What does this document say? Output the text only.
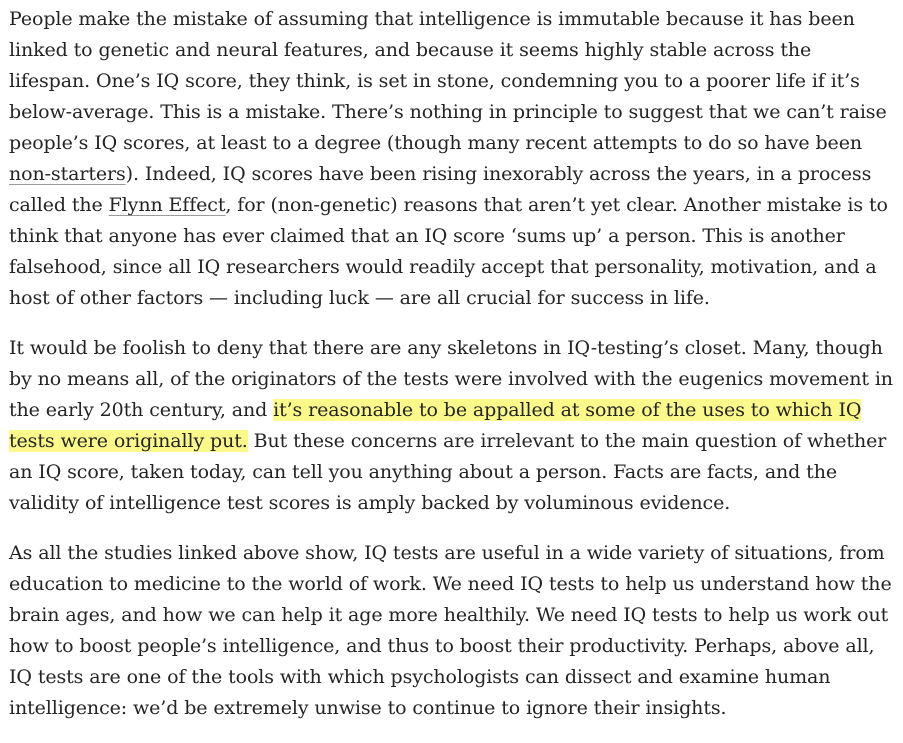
People make the mistake of assuming that intelligence is immutable because it has been linked to genetic and neural features, and because it seems highly stable across the lifespan. One’s IQ score, they think, is set in stone, condemning you to a poorer life if it’s below-average. This is a mistake. There’s nothing in principle to suggest that we can’t raise people’s IQ scores, at least to a degree (though many recent attempts to do so have been non-starters). Indeed, IQ scores have been rising inexorably across the years, in a process called the Flynn Effect, for (non-genetic) reasons that aren’t yet clear. Another mistake is to think that anyone has ever claimed that an IQ score ‘sums up’ a person. This is another falsehood, since all IQ researchers would readily accept that personality, motivation, and a host of other factors — including luck — are all crucial for success in life.

It would be foolish to deny that there are any skeletons in IQ-testing’s closet. Many, though by no means all, of the originators of the tests were involved with the eugenics movement in the early 20th century, and it’s reasonable to be appalled at some of the uses to which IQ tests were originally put. But these concerns are irrelevant to the main question of whether an IQ score, taken today, can tell you anything about a person. Facts are facts, and the validity of intelligence test scores is amply backed by voluminous evidence.

As all the studies linked above show, IQ tests are useful in a wide variety of situations, from education to medicine to the world of work. We need IQ tests to help us understand how the brain ages, and how we can help it age more healthily. We need IQ tests to help us work out how to boost people’s intelligence, and thus to boost their productivity. Perhaps, above all, IQ tests are one of the tools with which psychologists can dissect and examine human intelligence: we’d be extremely unwise to continue to ignore their insights.
